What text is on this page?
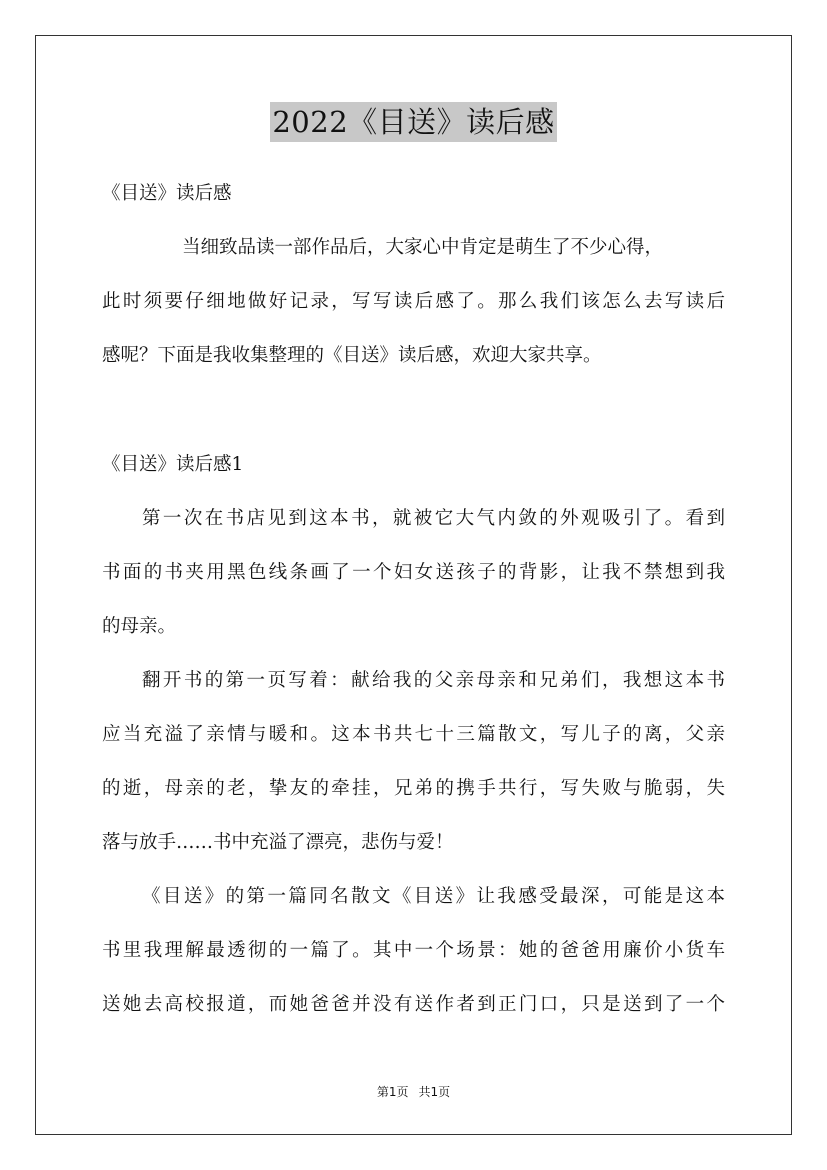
2022《目送》读后感
《目送》读后感
当细致品读一部作品后，大家心中肯定是萌生了不少心得，
此时须要仔细地做好记录，写写读后感了。那么我们该怎么去写读后
感呢？下面是我收集整理的《目送》读后感，欢迎大家共享。
《目送》读后感1
第一次在书店见到这本书，就被它大气内敛的外观吸引了。看到
书面的书夹用黑色线条画了一个妇女送孩子的背影，让我不禁想到我
的母亲。
翻开书的第一页写着：献给我的父亲母亲和兄弟们，我想这本书
应当充溢了亲情与暖和。这本书共七十三篇散文，写儿子的离，父亲
的逝，母亲的老，挚友的牵挂，兄弟的携手共行，写失败与脆弱，失
落与放手……书中充溢了漂亮，悲伤与爱！
《目送》的第一篇同名散文《目送》让我感受最深，可能是这本
书里我理解最透彻的一篇了。其中一个场景：她的爸爸用廉价小货车
送她去高校报道，而她爸爸并没有送作者到正门口，只是送到了一个
第1页 共1页
